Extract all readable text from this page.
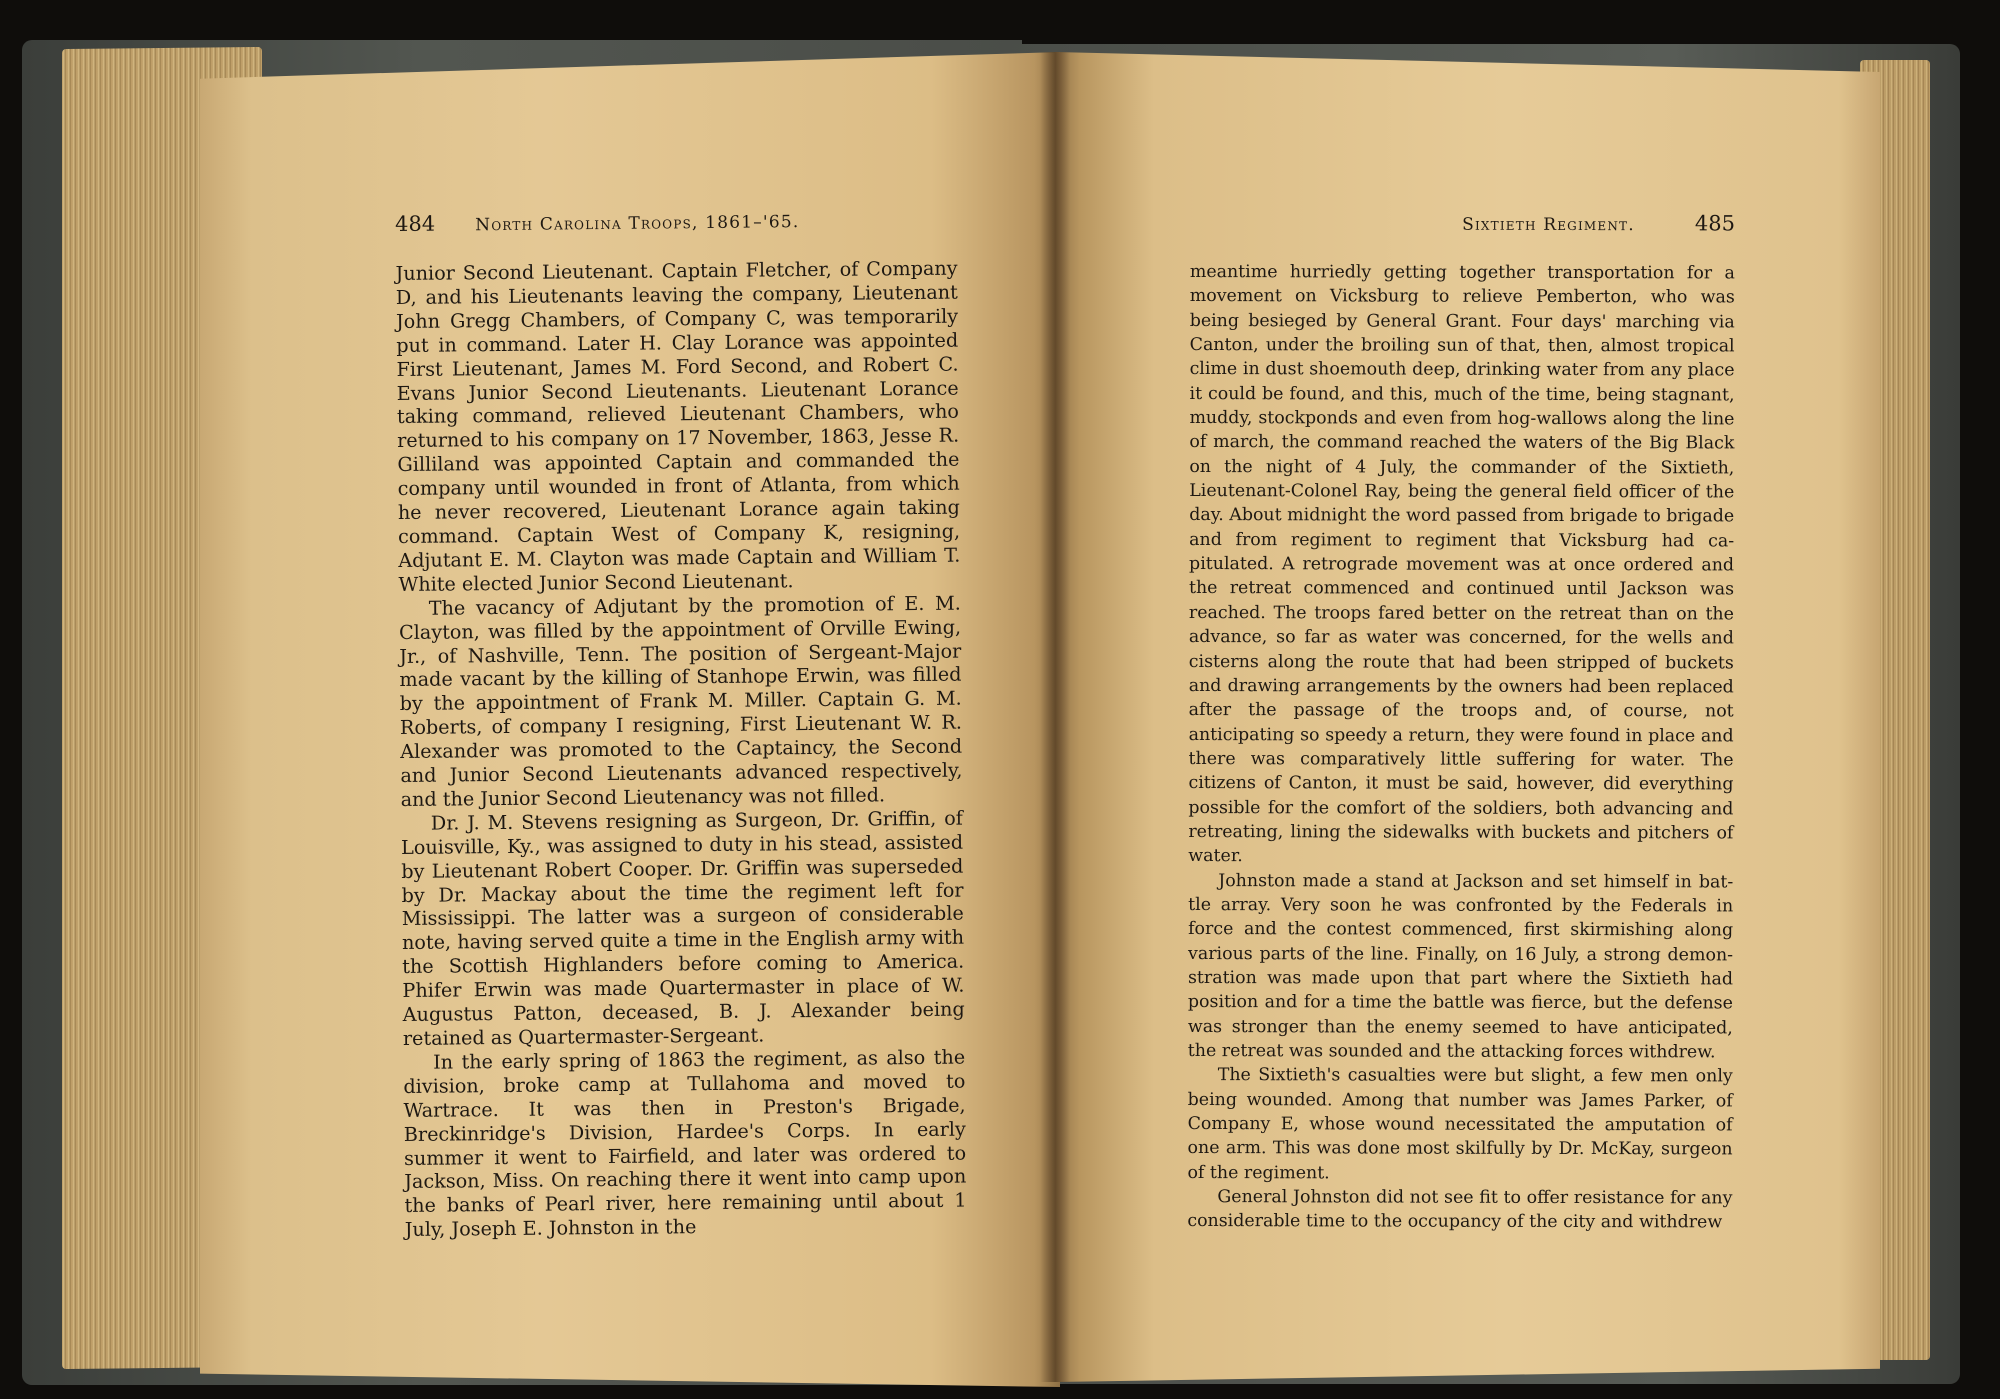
484 North Carolina Troops, 1861–'65.

Junior Second Lieutenant. Captain Fletcher, of Company D, and his Lieutenants leaving the company, Lieutenant John Gregg Chambers, of Company C, was temporarily put in command. Later H. Clay Lorance was appointed First Lieutenant, James M. Ford Second, and Robert C. Evans Junior Second Lieutenants. Lieutenant Lorance taking command, relieved Lieutenant Chambers, who returned to his company on 17 November, 1863, Jesse R. Gilliland was appointed Captain and commanded the company until wounded in front of Atlanta, from which he never recovered, Lieutenant Lorance again taking command. Captain West of Company K, resigning, Adjutant E. M. Clayton was made Captain and William T. White elected Junior Second Lieutenant.

The vacancy of Adjutant by the promotion of E. M. Clayton, was filled by the appointment of Orville Ewing, Jr., of Nashville, Tenn. The position of Sergeant-Major made vacant by the killing of Stanhope Erwin, was filled by the appointment of Frank M. Miller. Captain G. M. Roberts, of company I resigning, First Lieutenant W. R. Alexander was promoted to the Captaincy, the Second and Junior Second Lieutenants advanced respectively, and the Junior Second Lieutenancy was not filled.

Dr. J. M. Stevens resigning as Surgeon, Dr. Griffin, of Louisville, Ky., was assigned to duty in his stead, assisted by Lieutenant Robert Cooper. Dr. Griffin was superseded by Dr. Mackay about the time the regiment left for Mississippi. The latter was a surgeon of considerable note, having served quite a time in the English army with the Scottish Highlanders before coming to America. Phifer Erwin was made Quartermaster in place of W. Augustus Patton, deceased, B. J. Alexander being retained as Quartermaster-Sergeant.

In the early spring of 1863 the regiment, as also the division, broke camp at Tullahoma and moved to Wartrace. It was then in Preston's Brigade, Breckinridge's Division, Hardee's Corps. In early summer it went to Fairfield, and later was ordered to Jackson, Miss. On reaching there it went into camp upon the banks of Pearl river, here remaining until about 1 July, Joseph E. Johnston in the

Sixtieth Regiment.	485

meantime hurriedly getting together transportation for a movement on Vicksburg to relieve Pemberton, who was being besieged by General Grant. Four days' marching via Canton, under the broiling sun of that, then, almost tropical clime in dust shoemouth deep, drinking water from any place it could be found, and this, much of the time, being stagnant, muddy, stockponds and even from hog-wallows along the line of march, the command reached the waters of the Big Black on the night of 4 July, the commander of the Sixtieth, Lieutenant-Colonel Ray, being the general field officer of the day. About midnight the word passed from brigade to brigade and from regiment to regiment that Vicksburg had capitulated. A retrograde movement was at once ordered and the retreat commenced and continued until Jackson was reached. The troops fared better on the retreat than on the advance, so far as water was concerned, for the wells and cisterns along the route that had been stripped of buckets and drawing arrangements by the owners had been replaced after the passage of the troops and, of course, not anticipating so speedy a return, they were found in place and there was comparatively little suffering for water. The citizens of Canton, it must be said, however, did everything possible for the comfort of the soldiers, both advancing and retreating, lining the sidewalks with buckets and pitchers of water.

Johnston made a stand at Jackson and set himself in battle array. Very soon he was confronted by the Federals in force and the contest commenced, first skirmishing along various parts of the line. Finally, on 16 July, a strong demonstration was made upon that part where the Sixtieth had position and for a time the battle was fierce, but the defense was stronger than the enemy seemed to have anticipated, the retreat was sounded and the attacking forces withdrew.

The Sixtieth's casualties were but slight, a few men only being wounded. Among that number was James Parker, of Company E, whose wound necessitated the amputation of one arm. This was done most skilfully by Dr. McKay, surgeon of the regiment.

General Johnston did not see fit to offer resistance for any considerable time to the occupancy of the city and withdrew
